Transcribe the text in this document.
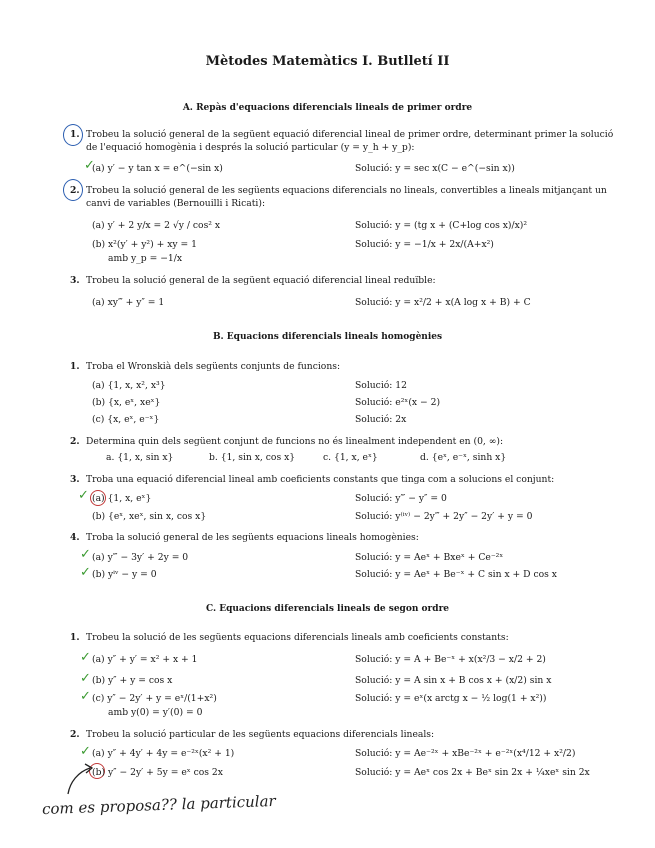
Mètodes Matemàtics I. Butlletí II
A. Repàs d'equacions diferencials lineals de primer ordre
1. Trobeu la solució general de la següent equació diferencial lineal de primer ordre, determinant primer la solució
de l'equació homogènia i després la solució particular (y = y_h + y_p):
✓
(a) y′ − y tan x = e^(−sin x)	Solució: y = sec x(C − e^(−sin x))
2. Trobeu la solució general de les següents equacions diferencials no lineals, convertibles a lineals mitjançant un
canvi de variables (Bernouilli i Ricati):
(a) y′ + 2 y/x = 2 √y / cos² x	Solució: y = (tg x + (C+log cos x)/x)²
(b) x²(y′ + y²) + xy = 1	Solució: y = −1/x + 2x/(A+x²)
amb y_p = −1/x
3. Trobeu la solució general de la següent equació diferencial lineal reduïble:
(a) xy‴ + y″ = 1	Solució: y = x²/2 + x(A log x + B) + C
B. Equacions diferencials lineals homogènies
1. Troba el Wronskià dels següents conjunts de funcions:
(a) {1, x, x², x³}	Solució: 12
(b) {x, eˣ, xeˣ}	Solució: e²ˣ(x − 2)
(c) {x, eˣ, e⁻ˣ}	Solució: 2x
2. Determina quin dels següent conjunt de funcions no és linealment independent en (0, ∞):
a. {1, x, sin x}	b. {1, sin x, cos x}	c. {1, x, eˣ}	d. {eˣ, e⁻ˣ, sinh x}
3. Troba una equació diferencial lineal amb coeficients constants que tinga com a solucions el conjunt:
✓ (a) {1, x, eˣ}	Solució: y‴ − y″ = 0
(b) {eˣ, xeˣ, sin x, cos x}	Solució: y⁽ⁱᵛ⁾ − 2y‴ + 2y″ − 2y′ + y = 0
4. Troba la solució general de les següents equacions lineals homogènies:
✓ (a) y‴ − 3y′ + 2y = 0	Solució: y = Aeˣ + Bxeˣ + Ce⁻²ˣ
✓ (b) yⁱᵛ − y = 0	Solució: y = Aeˣ + Be⁻ˣ + C sin x + D cos x
C. Equacions diferencials lineals de segon ordre
1. Trobeu la solució de les següents equacions diferencials lineals amb coeficients constants:
✓ (a) y″ + y′ = x² + x + 1	Solució: y = A + Be⁻ˣ + x(x²/3 − x/2 + 2)
✓ (b) y″ + y = cos x	Solució: y = A sin x + B cos x + (x/2) sin x
✓ (c) y″ − 2y′ + y = eˣ/(1+x²)	Solució: y = eˣ(x arctg x − ½ log(1 + x²))
amb y(0) = y′(0) = 0
2. Trobeu la solució particular de les següents equacions diferencials lineals:
✓ (a) y″ + 4y′ + 4y = e⁻²ˣ(x² + 1)	Solució: y = Ae⁻²ˣ + xBe⁻²ˣ + e⁻²ˣ(x⁴/12 + x²/2)
(b) y″ − 2y′ + 5y = eˣ cos 2x	Solució: y = Aeˣ cos 2x + Beˣ sin 2x + ¼xeˣ sin 2x
com es proposa?? la particular
